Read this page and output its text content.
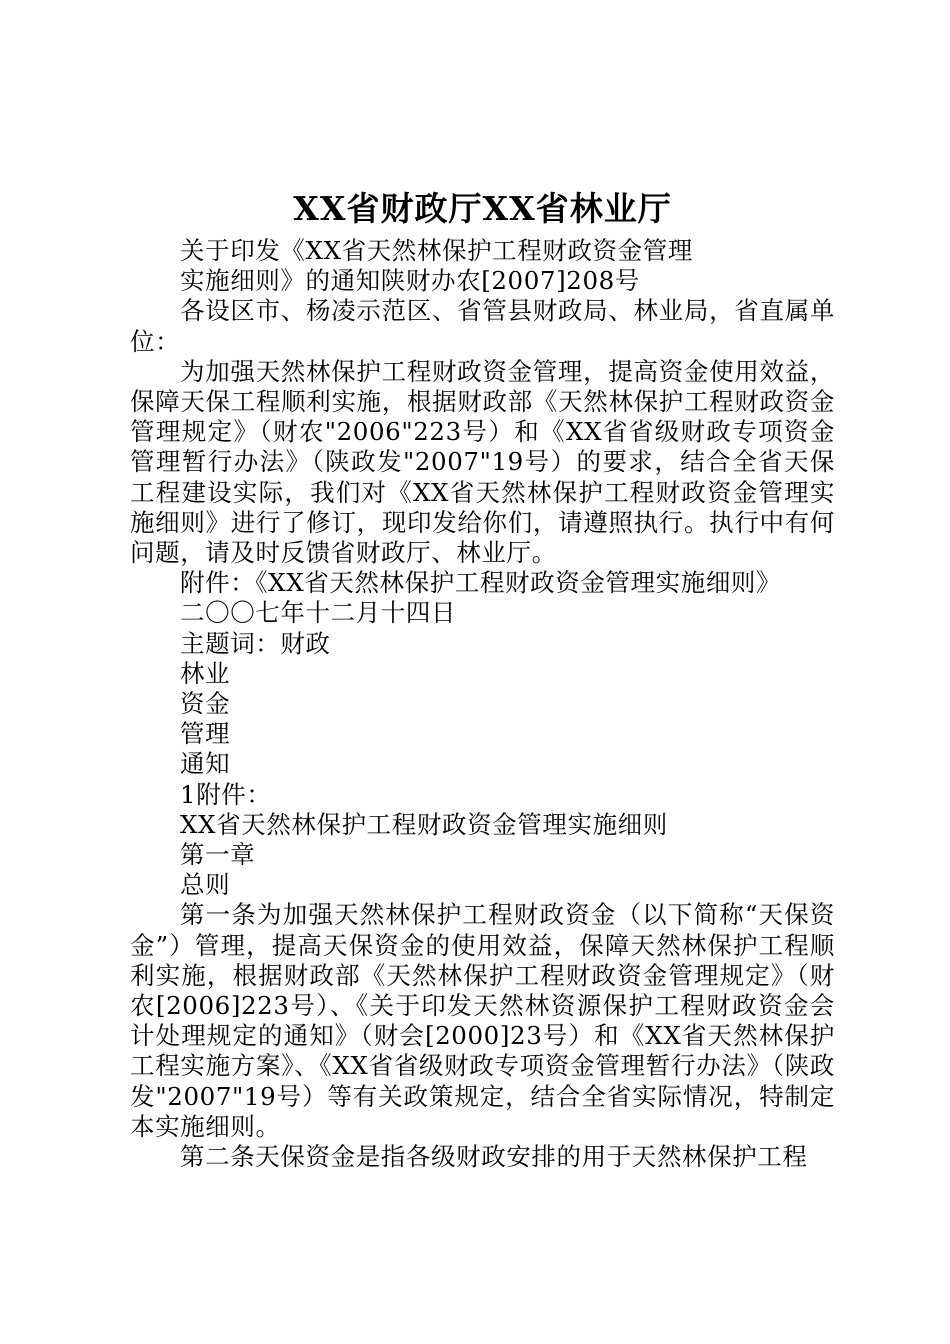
XX省财政厅XX省林业厅
关于印发《XX省天然林保护工程财政资金管理
实施细则》的通知陕财办农[2007]208号
各设区市、杨凌示范区、省管县财政局、林业局，省直属单位：
为加强天然林保护工程财政资金管理，提高资金使用效益，保障天保工程顺利实施，根据财政部《天然林保护工程财政资金管理规定》（财农"2006"223号）和《XX省省级财政专项资金管理暂行办法》（陕政发"2007"19号）的要求，结合全省天保工程建设实际，我们对《XX省天然林保护工程财政资金管理实施细则》进行了修订，现印发给你们，请遵照执行。执行中有何问题，请及时反馈省财政厅、林业厅。
附件：《XX省天然林保护工程财政资金管理实施细则》
二〇〇七年十二月十四日
主题词：财政
林业
资金
管理
通知
1附件：
XX省天然林保护工程财政资金管理实施细则
第一章
总则
第一条为加强天然林保护工程财政资金（以下简称“天保资金”）管理，提高天保资金的使用效益，保障天然林保护工程顺利实施，根据财政部《天然林保护工程财政资金管理规定》（财农[2006]223号）、《关于印发天然林资源保护工程财政资金会计处理规定的通知》（财会[2000]23号）和《XX省天然林保护工程实施方案》、《XX省省级财政专项资金管理暂行办法》（陕政发"2007"19号）等有关政策规定，结合全省实际情况，特制定本实施细则。
第二条天保资金是指各级财政安排的用于天然林保护工程
